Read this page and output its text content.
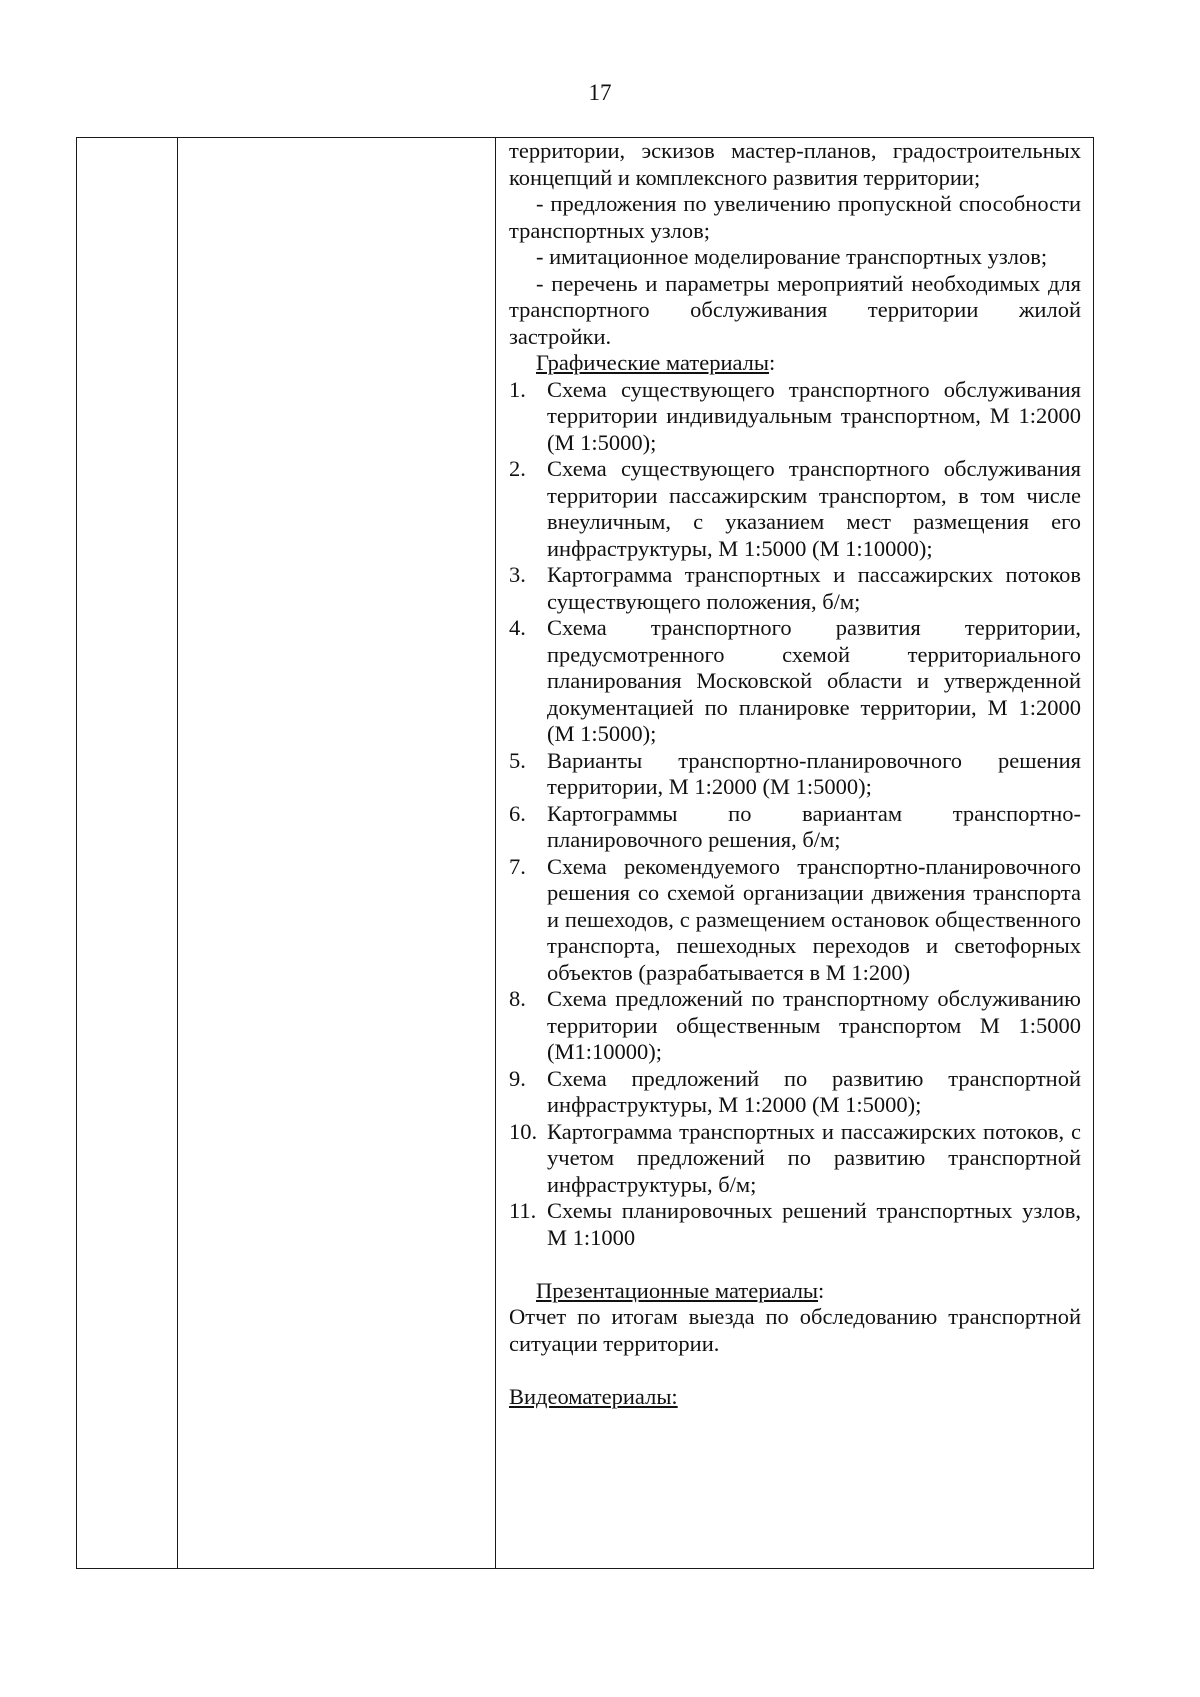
17

территории, эскизов мастер-планов, градостроительных концепций и комплексного развития территории;

- предложения по увеличению пропускной способности транспортных узлов;

- имитационное моделирование транспортных узлов;

- перечень и параметры мероприятий необходимых для транспортного обслуживания территории жилой застройки.

Графические материалы:

1. Схема существующего транспортного обслуживания территории индивидуальным транспортном, М 1:2000 (М 1:5000);
2. Схема существующего транспортного обслуживания территории пассажирским транспортом, в том числе внеуличным, с указанием мест размещения его инфраструктуры, М 1:5000 (М 1:10000);
3. Картограмма транспортных и пассажирских потоков существующего положения, б/м;
4. Схема транспортного развития территории, предусмотренного схемой территориального планирования Московской области и утвержденной документацией по планировке территории, М 1:2000 (М 1:5000);
5. Варианты транспортно-планировочного решения территории, М 1:2000 (М 1:5000);
6. Картограммы по вариантам транспортно-планировочного решения, б/м;
7. Схема рекомендуемого транспортно-планировочного решения со схемой организации движения транспорта и пешеходов, с размещением остановок общественного транспорта, пешеходных переходов и светофорных объектов (разрабатывается в М 1:200)
8. Схема предложений по транспортному обслуживанию территории общественным транспортом М 1:5000 (М1:10000);
9. Схема предложений по развитию транспортной инфраструктуры, М 1:2000 (М 1:5000);
10. Картограмма транспортных и пассажирских потоков, с учетом предложений по развитию транспортной инфраструктуры, б/м;
11. Схемы планировочных решений транспортных узлов, М 1:1000

Презентационные материалы:

Отчет по итогам выезда по обследованию транспортной ситуации территории.

Видеоматериалы:
